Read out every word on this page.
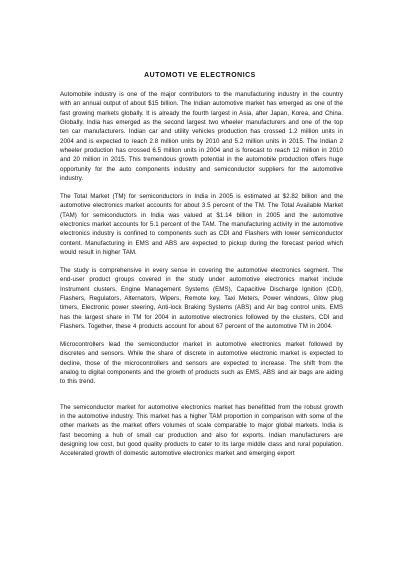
AUTOMOTI VE ELECTRONICS

Automobile industry is one of the major contributors to the manufacturing industry in the country with an annual output of about $15 billion. The Indian automotive market has emerged as one of the fast growing markets globally. It is already the fourth largest in Asia, after Japan, Korea, and China. Globally, India has emerged as the second largest two wheeler manufacturers and one of the top ten car manufacturers. Indian car and utility vehicles production has crossed 1.2 million units in 2004 and is expected to reach 2.8 million units by 2010 and 5.2 million units in 2015. The Indian 2 wheeler production has crossed 6.5 million units in 2004 and is forecast to reach 12 million in 2010 and 20 million in 2015. This tremendous growth potential in the automobile production offers huge opportunity for the auto components industry and semiconductor suppliers for the automotive industry.

The Total Market (TM) for semiconductors in India in 2005 is estimated at $2.82 billion and the automotive electronics market accounts for about 3.5 percent of the TM. The Total Available Market (TAM) for semiconductors in India was valued at $1.14 billion in 2005 and the automotive electronics market accounts for 5.1 percent of the TAM. The manufacturing activity in the automotive electronics industry is confined to components such as CDI and Flashers with lower semiconductor content. Manufacturing in EMS and ABS are expected to pickup during the forecast period which would result in higher TAM.

The study is comprehensive in every sense in covering the automotive electronics segment. The end-user product groups covered in the study under automotive electronics market include Instrument clusters, Engine Management Systems (EMS), Capacitive Discharge Ignition (CDI), Flashers, Regulators, Alternators, Wipers, Remote key, Taxi Meters, Power windows, Glow plug timers, Electronic power steering, Anti-lock Braking Systems (ABS) and Air bag control units. EMS has the largest share in TM for 2004 in automotive electronics followed by the clusters, CDI and Flashers. Together, these 4 products account for about 67 percent of the automotive TM in 2004.

Microcontrollers lead the semiconductor market in automotive electronics market followed by discretes and sensors. While the share of discrete in automotive electronic market is expected to decline, those of the microcontrollers and sensors are expected to increase. The shift from the analog to digital components and the growth of products such as EMS, ABS and air bags are aiding to this trend.

The semiconductor market for automotive electronics market has benefitted from the robust growth in the automotive industry. This market has a higher TAM proportion in comparison with some of the other markets as the market offers volumes of scale comparable to major global markets. India is fast becoming a hub of small car production and also for exports. Indian manufacturers are designing low cost, but good quality products to cater to its large middle class and rural population. Accelerated growth of domestic automotive electronics market and emerging export
